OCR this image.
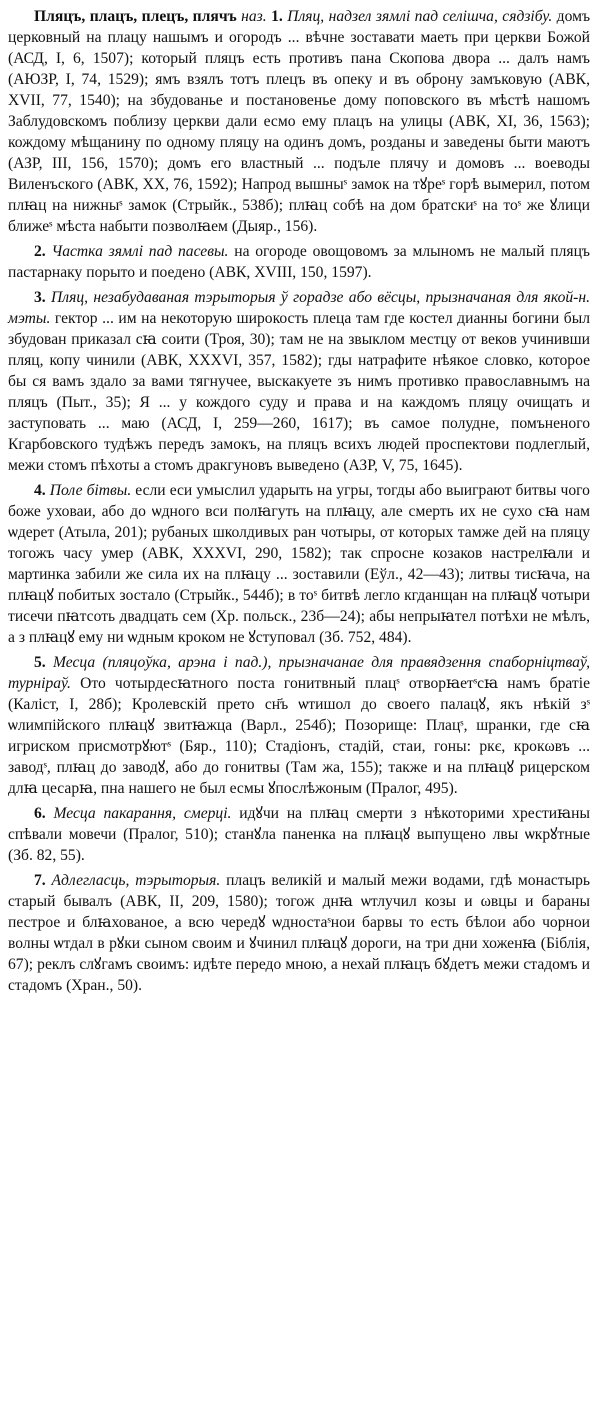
Пляцъ, плацъ, плецъ, плячъ наз. 1. Пляц, надзел зямлі пад селішча, сядзібу. домъ церковный на плацу нашымъ и огородъ ... вѣчне зоставати маеть при церкви Божой (АСД, І, 6, 1507); который пляцъ есть противъ пана Скопова двора ... далъ намъ (АЮЗР, І, 74, 1529); ямъ взялъ тотъ плецъ въ опеку и въ оброну замъковую (АВК, XVII, 77, 1540); на збудованье и постановенье дому поповского въ мѣстѣ нашомъ Заблудовскомъ поблизу церкви дали есмо ему плацъ на улицы (АВК, XI, 36, 1563); кождому мѣщанину по одному пляцу на одинъ домъ, розданы и заведены быти маютъ (АЗР, III, 156, 1570); домъ его властный ... подъле плячу и домовъ ... воеводы Виленъского (АВК, XX, 76, 1592); Напрод вышныˢ замок на тꙋреˢ горѣ вымерил, потом плꙗц на нижныˢ замок (Стрыйк., 538б); плꙗц собѣ на дом братскиˢ на тоˢ же ꙋлици ближеˢ мѣста набыти позволꙗем (Дыяр., 156).

2. Частка зямлі пад пасевы. на огороде овощовомъ за млыномъ не малый пляцъ пастарнаку порыто и поедено (АВК, XVIII, 150, 1597).

3. Пляц, незабудаваная тэрыторыя ў горадзе або вёсцы, прызначаная для якой-н. мэты. гектор ... им на некоторую широкость плеца там где костел дианны богини был збудован приказал сꙗ соити (Троя, 30); там не на звыклом местцу от веков учинивши пляц, копу чинили (АВК, XXXVI, 357, 1582); гды натрафите нѣякое словко, которое бы ся вамъ здало за вами тягнучее, выскакуете зъ нимъ противко православнымъ на пляцъ (Пыт., 35); Я ... у кождого суду и права и на каждомъ пляцу очищать и заступовать ... маю (АСД, І, 259—260, 1617); въ самое полудне, помъненого Кгарбовского тудѣжъ передъ замокъ, на пляцъ всихъ людей проспектови подлеглый, межи стомъ пѣхоты а стомъ дракгуновъ выведено (АЗР, V, 75, 1645).

4. Поле бітвы. если еси умыслил ударыть на угры, тогды або выиграют битвы чого боже уховаи, або до ѡдного вси полꙗгуть на плꙗцу, але смерть их не сухо сꙗ нам ѡдерет (Атыла, 201); рубаных школдивых ран чотыры, от которых тамже дей на пляцу тогожъ часу умер (АВК, XXXVI, 290, 1582); так спросне козаков настрелꙗли и мартинка забили же сила их на плꙗцу ... зоставили (Еўл., 42—43); литвы тисꙗча, на плꙗцꙋ побитых зостало (Стрыйк., 544б); в тоˢ битвѣ легло кгданщан на плꙗцꙋ чотыри тисечи пꙗтсоть двадцать сем (Хр. польск., 23б—24); абы непрыꙗтел потѣхи не мѣлъ, а з плꙗцꙋ ему ни ѡдным кроком не ꙋступовал (Зб. 752, 484).

5. Месца (пляцоўка, арэна і пад.), прызначанае для правядзення спаборніцтваў, турніраў. Ото чотырдесꙗтного поста гонитвный плацˢ отворꙗетˢсꙗ намъ братіе (Каліст, І, 28б); Кролевскій прето сн҃ъ ѡтишол до своего палацꙋ, якъ нѣкій зˢ ѡлимпійского плꙗцꙋ звитꙗжца (Варл., 254б); Позорище: Плацˢ, шранки, где сꙗ игриском присмотрꙋютˢ (Бяр., 110); Стадіонъ, стадій, стаи, гоны: ркє, крокωвъ ... заводˢ, плꙗц до заводꙋ, або до гонитвы (Там жа, 155); также и на плꙗцꙋ рицерском длꙗ цесарꙗ, пна нашего не был есмы ꙋпослѣжоным (Пралог, 495).

6. Месца пакарання, смерці. идꙋчи на плꙗц смерти з нѣкоторими хрестиꙗны спѣвали мовечи (Пралог, 510); станꙋла паненка на плꙗцꙋ выпущено лвы ѡкрꙋтные (Зб. 82, 55).

7. Адлегласць, тэрыторыя. плацъ великій и малый межи водами, гдѣ монастырь старый бывалъ (АВК, II, 209, 1580); тогож днꙗ ѡтлучил козы и ωвцы и бараны пестрое и блꙗхованое, а всю чередꙋ ѡдностаˢнои барвы то есть бѣлои або чорнои волны ѡтдал в рꙋки сыном своим и ꙋчинил плꙗцꙋ дороги, на три дни хоженꙗ (Біблія, 67); реклъ слꙋгамъ своимъ: идѣте передо мною, а нехай плꙗцъ бꙋдетъ межи стадомъ и стадомъ (Хран., 50).
